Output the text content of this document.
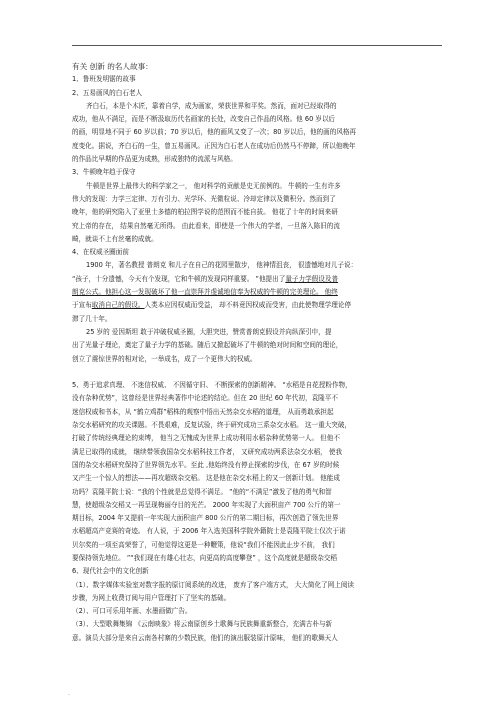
.
有关 创新 的名人故事：
1、鲁班发明锯的故事
2、五易画风的白石老人
齐白石，本是个木匠，靠着自学，成为画家，荣获世界和平奖。然而，面对已经取得的
成功，他从不满足，而是不断汲取历代名画家的长处，改变自己作品的风格。他 60 岁以后
的画，明显地不同于 60 岁以前；70 岁以后，他的画风又变了一次；80 岁以后，他的画的风格再
度变化。据说，齐白石的一生，曾五易画风。正因为白石老人在成功后仍然马不停蹄，所以他晚年
的作品比早期的作品更为成熟，形成独特的流派与风格。
3、牛顿晚年趋于保守
牛顿是世界上最伟大的科学家之一， 他对科学的贡献是史无前例的。 牛顿的一生有许多
伟大的发现：力学三定律、万有引力、光学环、光微粒说、冷却定律以及微积分。然而到了
晚年，他的研究陷入了亚里士多德的柏拉图学说的范围而不能自拔。 他花了十年的时间来研
究上帝的存在， 结果自然毫无所得。 由此看来，即使是一个伟大的学者，一旦落入陈旧的流
畸，就谈不上有丝毫的成就。
4、在权威圣圈面前
1900 年，著名教授 普朗克 和儿子在自己的花园里散步， 他神情沮丧， 很遗憾地对儿子说：
“孩子，十分遗憾，今天有个发现，它和牛顿的发现同样重要。 ”他提出了量子力学假设及普
朗克公式。他担心这一发现破坏了他一直崇拜并虔诚地信奉为权威的牛顿的完美理论。 他终
于宣布取消自己的假设。人类本应因权威而受益， 却不料竟因权威而受害，由此使物理学理论停
滞了几十年。
25 岁的 爱因斯坦 敢于冲破权威圣圈，大胆突进，赞赏普朗克假设并向纵深引申，提
出了光量子理论，奠定了量子力学的基础。随后又掀起破坏了牛顿的绝对时间和空间的理论，
创立了震惊世界的相对论，一举成名，成了一个更伟大的权威。
5、勇于追求真理、 不迷信权威、 不因循守旧、 不断探索的创新精神。 “水稻是自花授粉作物，
没有杂种优势”，这曾经是世界经典著作中论述的结论。但在 20 世纪 60 年代初，袁隆平不
迷信权威和书本，从 “鹤立鸡群”稻株的观察中悟出天然杂交水稻的道理， 从而勇敢承担起
杂交水稻研究的攻关课题。不畏艰难，反复试验，终于研究成功三系杂交水稻。 这一重大突破，
打破了传统经典理论的束缚， 他当之无愧成为世界上成功利用水稻杂种优势第一人。 但他不
满足已取得的成就， 继续带领我国杂交水稻科技工作者， 又研究成功两系法杂交水稻， 使我
国的杂交水稻研究保持了世界领先水平。至此 ,他始终没有停止探索的步伐，在 67 岁的时候
又产生一个惊人的想法——再攻超级杂交稻。 这是他在杂交水稻上的又一创新计划。 他能成
功吗？袁隆平院士说：“我的个性就是总觉得不满足。 ”他的“不满足”激发了他的勇气和智
慧，使超级杂交稻又一再呈现梅丽夺目的光芒。 2000 年实现了大面积亩产 700 公斤的第一
期目标，2004 年又提前一年实现大面积亩产 800 公斤的第二期目标，再次创造了领先世界
水稻超高产竞赛的奇迹。 有人说，于 2006 年入选美国科学院外籍院士是袁隆平院士仅次于诺
贝尔奖的一项至高荣誉了，可他觉得这更是一种鞭策，他说“我们不能因此止步不前， 我们
要保持领先地位。 ”“我们现在有雄心壮志，向更高的高度攀登” ，这个高度就是超级杂交稻
6、现代社会中的文化创新
（1）、数字媒体实验室对数字报的原订阅系统的改进， 废弃了客户端方式， 大大简化了网上阅读
步骤，为网上收费订阅与用户管理打下了坚实的基础。
（2）、可口可乐用年画、水墨画做广告。
（3）、大型歌舞集锦 《云南映象》将云南原创乡土歌舞与民族舞重新整合，充满古朴与新
意。演员大部分是来自云南各村寨的少数民族，他们的演出服装原汁原味， 他们的歌舞天人
.
